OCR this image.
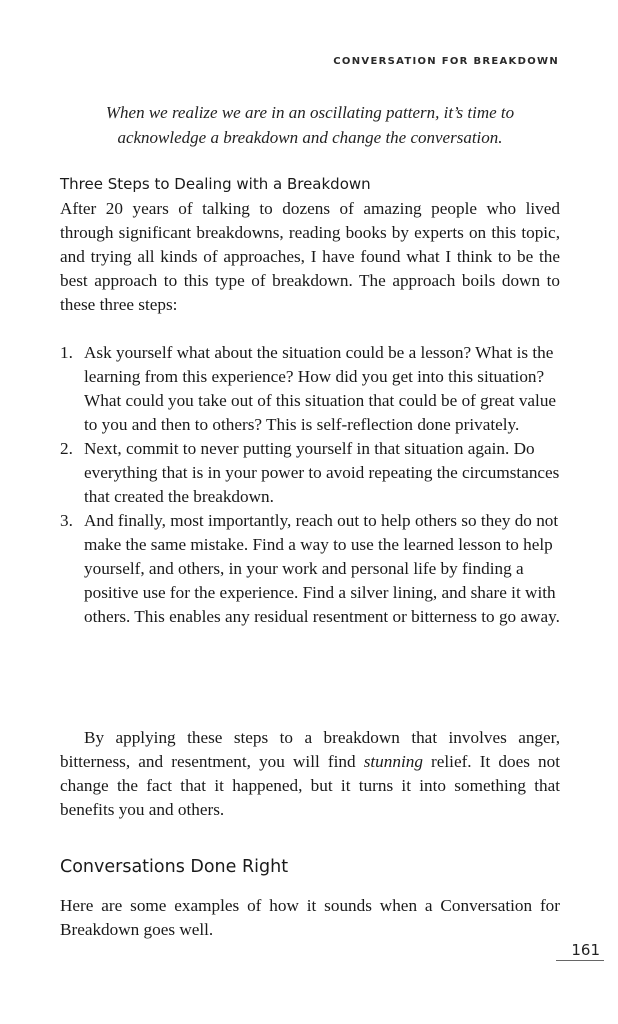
CONVERSATION FOR BREAKDOWN
When we realize we are in an oscillating pattern, it’s time to
acknowledge a breakdown and change the conversation.
Three Steps to Dealing with a Breakdown

After 20 years of talking to dozens of amazing people who lived through significant breakdowns, reading books by experts on this topic, and trying all kinds of approaches, I have found what I think to be the best approach to this type of breakdown. The approach boils down to these three steps:

1. Ask yourself what about the situation could be a lesson? What is the learning from this experience? How did you get into this situation? What could you take out of this situation that could be of great value to you and then to others? This is self-reflection done privately.
2. Next, commit to never putting yourself in that situation again. Do everything that is in your power to avoid repeating the circumstances that created the breakdown.
3. And finally, most importantly, reach out to help others so they do not make the same mistake. Find a way to use the learned lesson to help yourself, and others, in your work and personal life by finding a positive use for the experience. Find a silver lining, and share it with others. This enables any residual resentment or bitterness to go away.

By applying these steps to a breakdown that involves anger, bitterness, and resentment, you will find stunning relief. It does not change the fact that it happened, but it turns it into something that benefits you and others.

Conversations Done Right

Here are some examples of how it sounds when a Conversation for Breakdown goes well.

161
